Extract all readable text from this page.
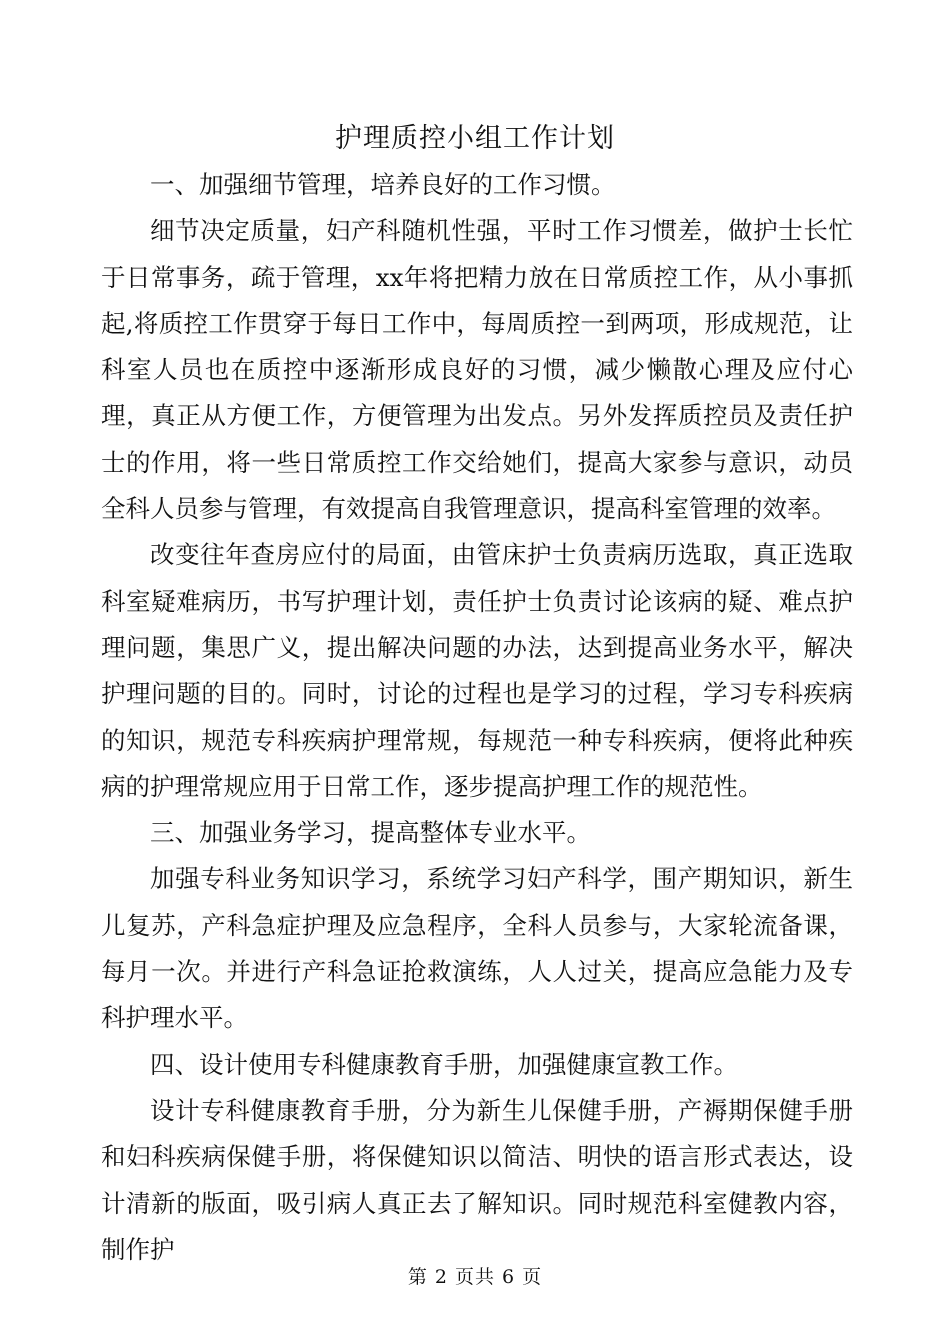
护理质控小组工作计划

一、加强细节管理，培养良好的工作习惯。

细节决定质量，妇产科随机性强，平时工作习惯差，做护士长忙于日常事务，疏于管理，xx年将把精力放在日常质控工作，从小事抓起,将质控工作贯穿于每日工作中，每周质控一到两项，形成规范，让科室人员也在质控中逐渐形成良好的习惯，减少懒散心理及应付心理，真正从方便工作，方便管理为出发点。另外发挥质控员及责任护士的作用，将一些日常质控工作交给她们，提高大家参与意识，动员全科人员参与管理，有效提高自我管理意识，提高科室管理的效率。

改变往年查房应付的局面，由管床护士负责病历选取，真正选取科室疑难病历，书写护理计划，责任护士负责讨论该病的疑、难点护理问题，集思广义，提出解决问题的办法，达到提高业务水平，解决护理问题的目的。同时，讨论的过程也是学习的过程，学习专科疾病的知识，规范专科疾病护理常规，每规范一种专科疾病，便将此种疾病的护理常规应用于日常工作，逐步提高护理工作的规范性。

三、加强业务学习，提高整体专业水平。

加强专科业务知识学习，系统学习妇产科学，围产期知识，新生儿复苏，产科急症护理及应急程序，全科人员参与，大家轮流备课，每月一次。并进行产科急证抢救演练，人人过关，提高应急能力及专科护理水平。

四、设计使用专科健康教育手册，加强健康宣教工作。

设计专科健康教育手册，分为新生儿保健手册，产褥期保健手册和妇科疾病保健手册，将保健知识以简洁、明快的语言形式表达，设计清新的版面，吸引病人真正去了解知识。同时规范科室健教内容，制作护

第 2 页共 6 页
